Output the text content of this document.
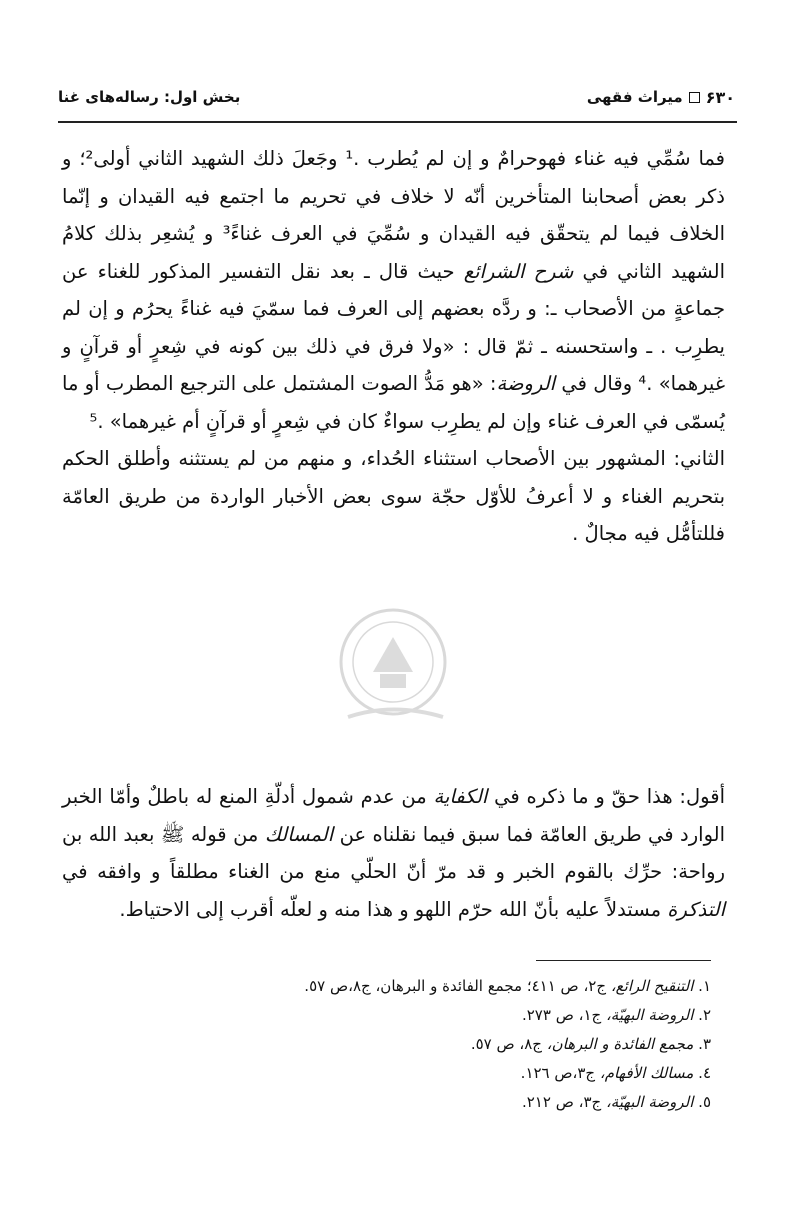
۶۳۰
میراث فقهی
بخش اول: رساله‌های غنا

فما سُمِّي فيه غناء فهوحرامٌ و إن لم يُطرب .¹ وجَعلَ ذلك الشهيد الثاني أولى²؛ و ذكر بعض أصحابنا المتأخرين أنّه لا خلاف في تحريم ما اجتمع فيه القيدان و إنّما الخلاف فيما لم يتحقّق فيه القيدان و سُمِّيَ في العرف غناءً³ و يُشعِر بذلك كلامُ الشهيد الثاني في شرح الشرائع حيث قال ـ بعد نقل التفسير المذكور للغناء عن جماعةٍ من الأصحاب ـ: و ردَّه بعضهم إلى العرف فما سمّيَ فيه غناءً يحرُم و إن لم يطرِب . ـ واستحسنه ـ ثمّ قال : «ولا فرق في ذلك بين كونه في شِعرٍ أو قرآنٍ و غيرهما» .⁴ وقال في الروضة: «هو مَدُّ الصوت المشتمل على الترجيع المطرب أو ما يُسمّى في العرف غناء وإن لم يطرِب سواءٌ كان في شِعرٍ أو قرآنٍ أم غيرهما» .⁵

الثاني: المشهور بين الأصحاب استثناء الحُداء، و منهم من لم يستثنه وأطلق الحكم بتحريم الغناء و لا أعرفُ للأوّل حجّة سوى بعض الأخبار الواردة من طريق العامّة فللتأمُّل فيه مجالٌ .

أقول: هذا حقّ و ما ذكره في الكفاية من عدم شمول أدلّةِ المنع له باطلٌ وأمّا الخبر الوارد في طريق العامّة فما سبق فيما نقلناه عن المسالك من قوله ﷺ بعبد الله بن رواحة: حرِّك بالقوم الخبر و قد مرّ أنّ الحلّي منع من الغناء مطلقاً و وافقه في التذكرة مستدلاً عليه بأنّ الله حرّم اللهو و هذا منه و لعلّه أقرب إلى الاحتياط.

١. التنقيح الرائع، ج٢، ص ٤١١؛ مجمع الفائدة و البرهان، ج٨،ص ٥٧.

٢. الروضة البهيّة، ج١، ص ٢٧٣.

٣. مجمع الفائدة و البرهان، ج٨، ص ٥٧.

٤. مسالك الأفهام، ج٣،ص ١٢٦.

٥. الروضة البهيّة، ج٣، ص ٢١٢.
